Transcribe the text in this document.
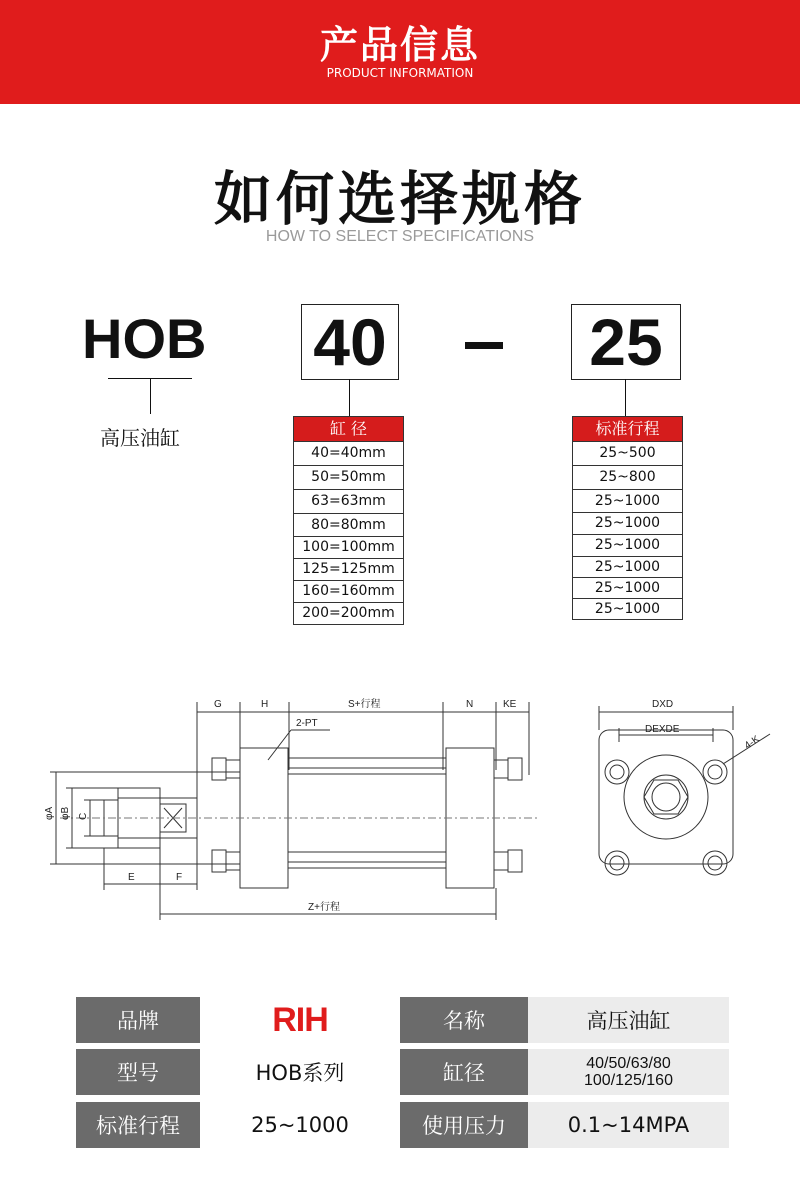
产品信息
PRODUCT INFORMATION
如何选择规格
HOW TO SELECT SPECIFICATIONS
HOB
高压油缸
40	25
缸 径
40=40mm
50=50mm
63=63mm
80=80mm
100=100mm
125=125mm
160=160mm
200=200mm
标准行程
25~500
25~800
25~1000
25~1000
25~1000
25~1000
25~1000
25~1000
G	H	S+行程	N	KE
2-PT
φA φB C
E	F
Z+行程
DXD
DEXDE
4-K
品牌	RIH	名称	高压油缸
型号	HOB系列	缸径	40/50/63/80
100/125/160
标准行程	25~1000	使用压力	0.1~14MPA
